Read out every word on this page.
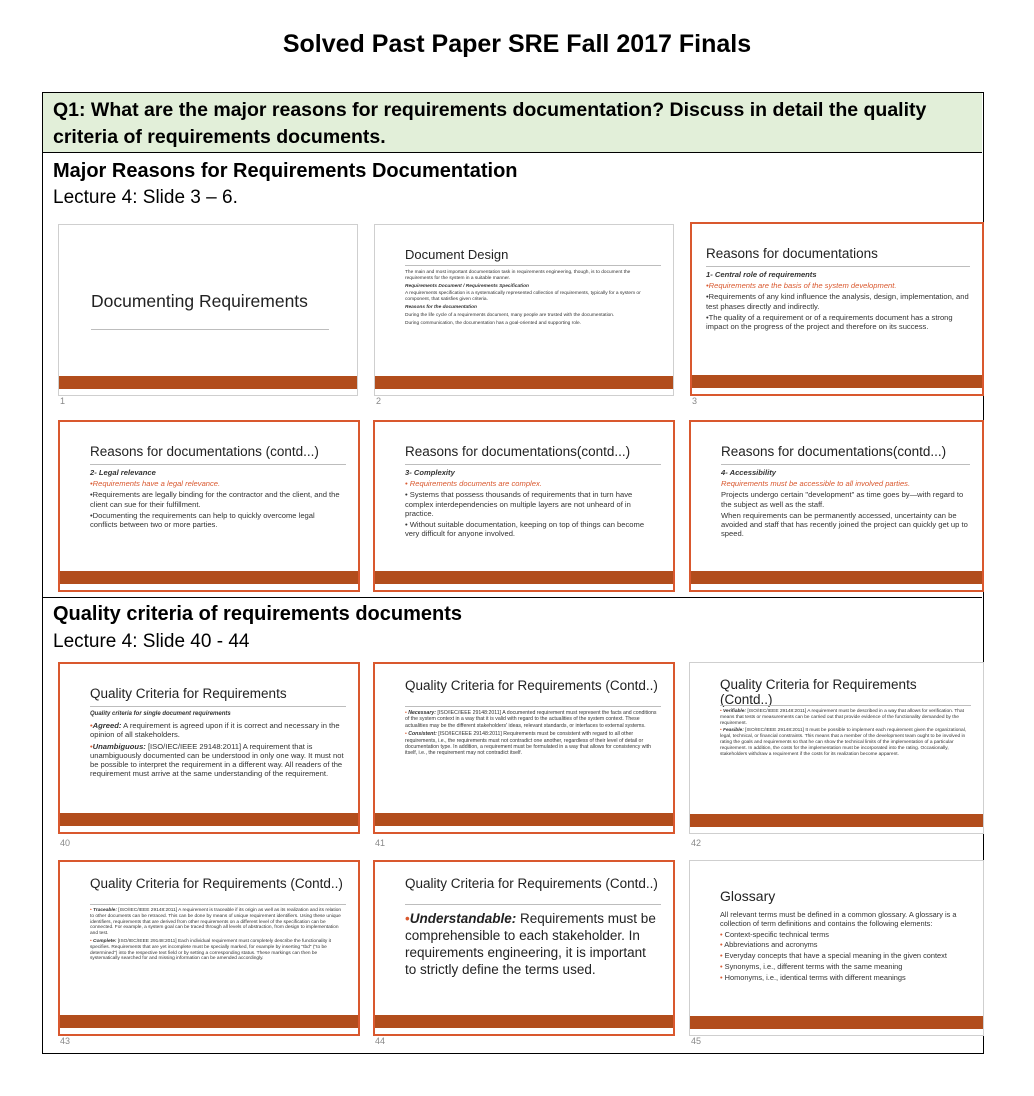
Solved Past Paper SRE Fall 2017 Finals
Q1: What are the major reasons for requirements documentation? Discuss in detail the quality criteria of requirements documents.
Major Reasons for Requirements Documentation
Lecture 4: Slide 3 – 6.
Quality criteria of requirements documents
Lecture 4: Slide 40 - 44
Documenting Requirements
1
Document Design

The main and most important documentation task in requirements engineering, though, is to document the requirements for the system in a suitable manner.

Requirements Document / Requirements Specification

A requirements specification is a systematically represented collection of requirements, typically for a system or component, that satisfies given criteria.

Reasons for the documentation

During the life cycle of a requirements document, many people are trusted with the documentation.

During communication, the documentation has a goal-oriented and supporting role.

2
Reasons for documentations

1- Central role of requirements

•Requirements are the basis of the system development.

•Requirements of any kind influence the analysis, design, implementation, and test phases directly and indirectly.

•The quality of a requirement or of a requirements document has a strong impact on the progress of the project and therefore on its success.

3
Reasons for documentations (contd...)

2- Legal relevance

•Requirements have a legal relevance.

•Requirements are legally binding for the contractor and the client, and the client can sue for their fulfillment.

•Documenting the requirements can help to quickly overcome legal conflicts between two or more parties.

Reasons for documentations(contd...)

3- Complexity

• Requirements documents are complex.

• Systems that possess thousands of requirements that in turn have complex interdependencies on multiple layers are not unheard of in practice.

• Without suitable documentation, keeping on top of things can become very difficult for anyone involved.

Reasons for documentations(contd...)

4- Accessibility

Requirements must be accessible to all involved parties.

Projects undergo certain "development" as time goes by—with regard to the subject as well as the staff.

When requirements can be permanently accessed, uncertainty can be avoided and staff that has recently joined the project can quickly get up to speed.

Quality Criteria for Requirements

Quality criteria for single document requirements

•Agreed: A requirement is agreed upon if it is correct and necessary in the opinion of all stakeholders.

•Unambiguous: [ISO/IEC/IEEE 29148:2011] A requirement that is unambiguously documented can be understood in only one way. It must not be possible to interpret the requirement in a different way. All readers of the requirement must arrive at the same understanding of the requirement.

40
Quality Criteria for Requirements (Contd..)

• Necessary: [ISO/IEC/IEEE 29148:2011] A documented requirement must represent the facts and conditions of the system context in a way that it is valid with regard to the actualities of the system context. These actualities may be the different stakeholders' ideas, relevant standards, or interfaces to external systems.

• Consistent: [ISO/IEC/IEEE 29148:2011] Requirements must be consistent with regard to all other requirements, i.e., the requirements must not contradict one another, regardless of their level of detail or documentation type. In addition, a requirement must be formulated in a way that allows for consistency with itself, i.e., the requirement may not contradict itself.

41
Quality Criteria for Requirements (Contd..)

• Verifiable: [ISO/IEC/IEEE 29148:2011] A requirement must be described in a way that allows for verification. That means that tests or measurements can be carried out that provide evidence of the functionality demanded by the requirement.

• Feasible: [ISO/IEC/IEEE 29148:2011] It must be possible to implement each requirement given the organizational, legal, technical, or financial constraints. This means that a member of the development team ought to be involved in rating the goals and requirements so that he can show the technical limits of the implementation of a particular requirement. In addition, the costs for the implementation must be incorporated into the rating. Occasionally, stakeholders withdraw a requirement if the costs for its realization become apparent.

42
Quality Criteria for Requirements (Contd..)

• Traceable: [ISO/IEC/IEEE 29148:2011] A requirement is traceable if its origin as well as its realization and its relation to other documents can be retraced. This can be done by means of unique requirement identifiers. Using these unique identifiers, requirements that are derived from other requirements on a different level of the specification can be connected. For example, a system goal can be traced through all levels of abstraction, from design to implementation and test.

• Complete: [ISO/IEC/IEEE 29148:2011] Each individual requirement must completely describe the functionality it specifies. Requirements that are yet incomplete must be specially marked, for example by inserting "tbd" ("to be determined") into the respective text field or by setting a corresponding status. These markings can then be systematically searched for and missing information can be amended accordingly.

43
Quality Criteria for Requirements (Contd..)

•Understandable: Requirements must be comprehensible to each stakeholder. In requirements engineering, it is important to strictly define the terms used.

44
Glossary

All relevant terms must be defined in a common glossary. A glossary is a collection of term definitions and contains the following elements:

• Context-specific technical terms

• Abbreviations and acronyms

• Everyday concepts that have a special meaning in the given context

• Synonyms, i.e., different terms with the same meaning

• Homonyms, i.e., identical terms with different meanings

45
